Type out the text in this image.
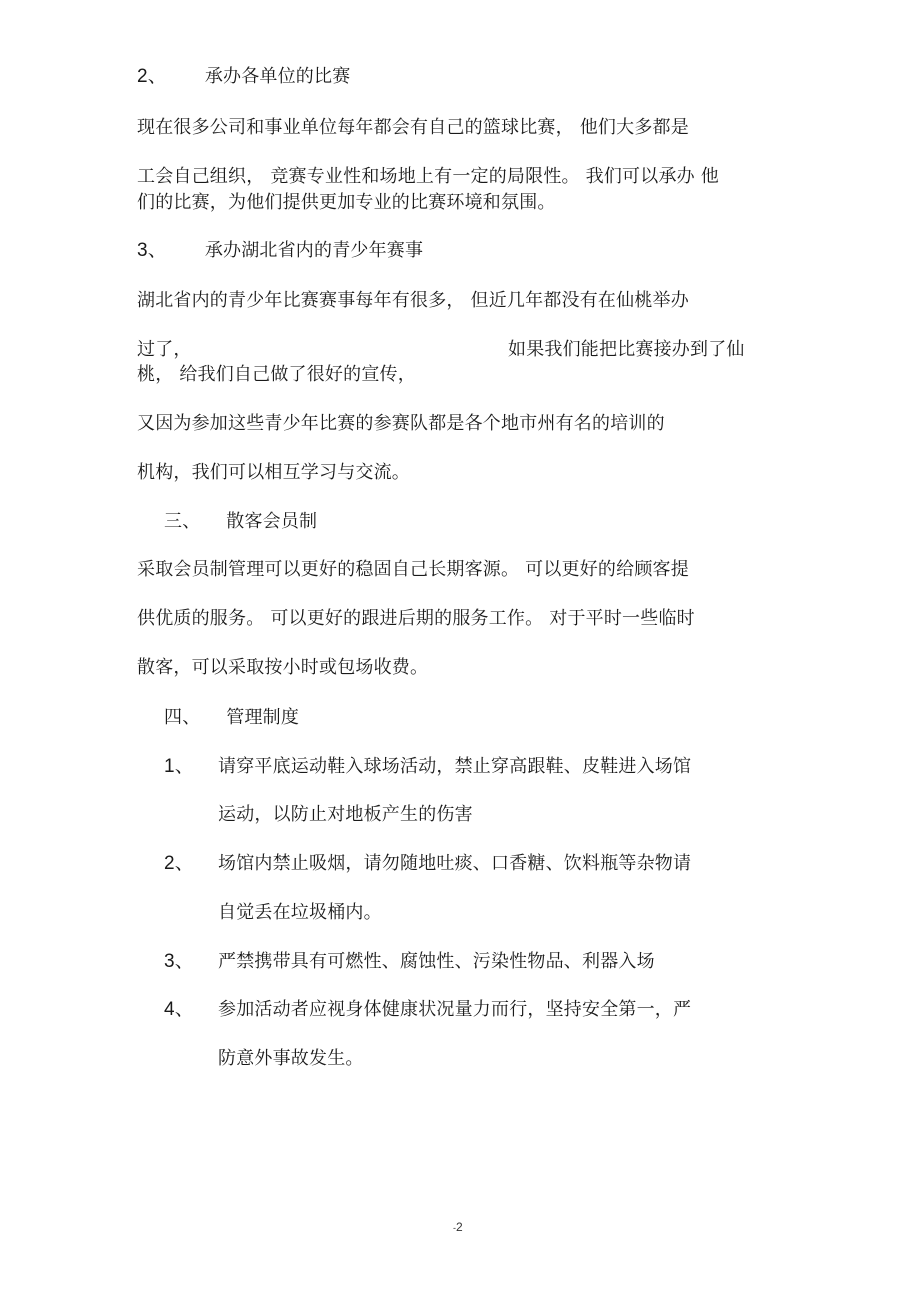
2、 承办各单位的比赛
现在很多公司和事业单位每年都会有自己的篮球比赛， 他们大多都是
工会自己组织， 竞赛专业性和场地上有一定的局限性。 我们可以承办 他
们的比赛，为他们提供更加专业的比赛环境和氛围。
3、 承办湖北省内的青少年赛事
湖北省内的青少年比赛赛事每年有很多， 但近几年都没有在仙桃举办
过了，	如果我们能把比赛接办到了仙
桃， 给我们自己做了很好的宣传，
又因为参加这些青少年比赛的参赛队都是各个地市州有名的培训的
机构，我们可以相互学习与交流。
三、 散客会员制
采取会员制管理可以更好的稳固自己长期客源。 可以更好的给顾客提
供优质的服务。 可以更好的跟进后期的服务工作。 对于平时一些临时
散客，可以采取按小时或包场收费。
四、 管理制度
1、 请穿平底运动鞋入球场活动，禁止穿高跟鞋、皮鞋进入场馆
运动，以防止对地板产生的伤害
2、 场馆内禁止吸烟，请勿随地吐痰、口香糖、饮料瓶等杂物请
自觉丢在垃圾桶内。
3、 严禁携带具有可燃性、腐蚀性、污染性物品、利器入场
4、 参加活动者应视身体健康状况量力而行，坚持安全第一，严
防意外事故发生。
-2
